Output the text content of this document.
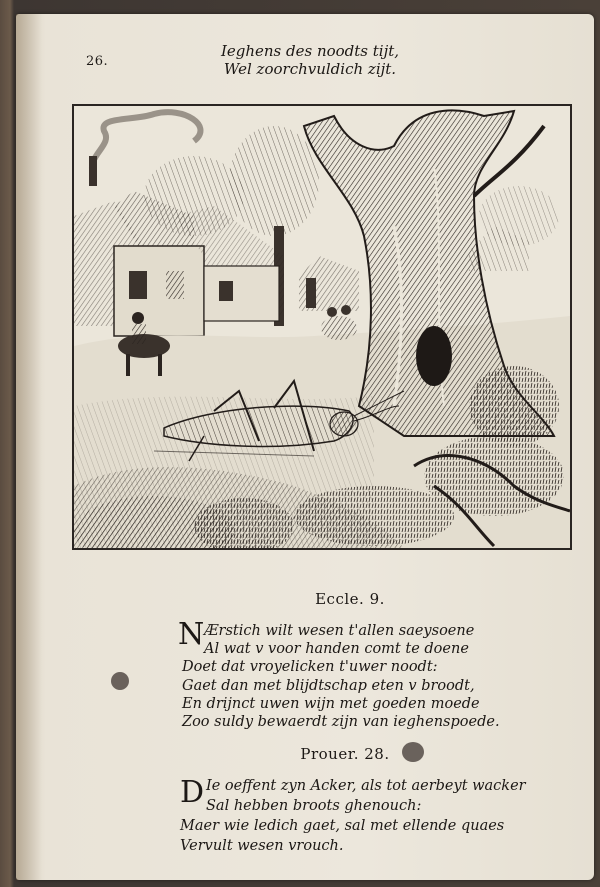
26.
Ieghens des noodts tijt,
Wel zoorchvuldich zijt.
Eccle. 9.
N Ærstich wilt wesen t'allen saeysoene
Al wat v voor handen comt te doene
Doet dat vroyelicken t'uwer noodt:
Gaet dan met blijdtschap eten v broodt,
En drijnct uwen wijn met goeden moede
Zoo suldy bewaerdt zijn van ieghenspoede.
Prouer. 28.
D Ie oeffent zyn Acker, als tot aerbeyt wacker
Sal hebben broots ghenouch:
Maer wie ledich gaet, sal met ellende quaes
Vervult wesen vrouch.
